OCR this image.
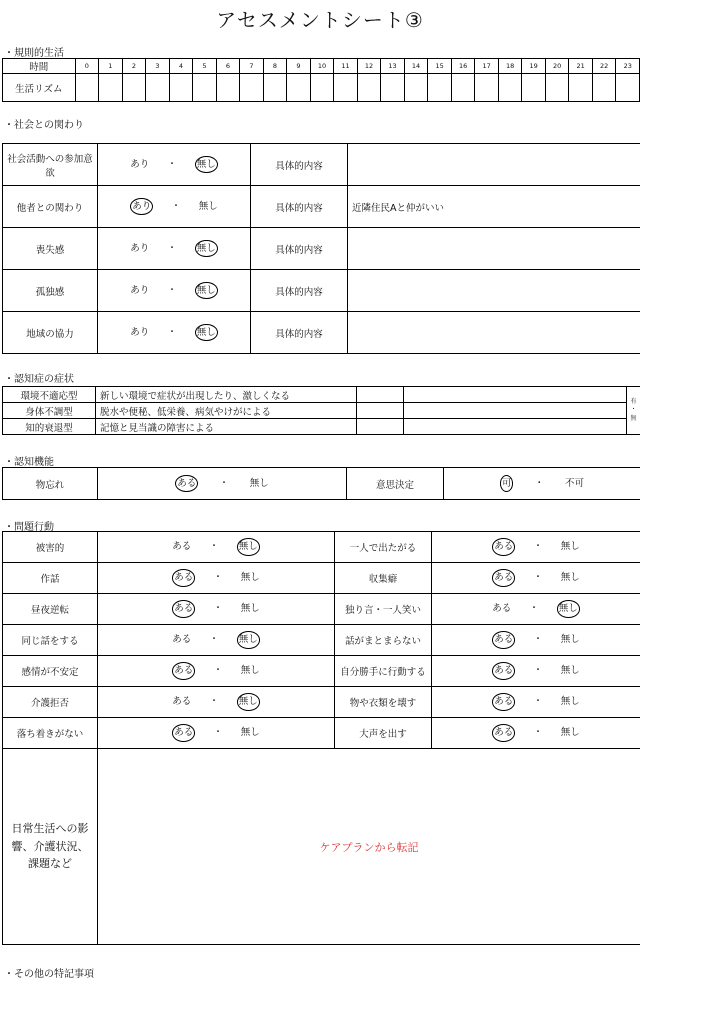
アセスメントシート③
・規則的生活
時間	0	1	2	3	4	5	6	7	8	9	10	11	12	13	14	15	16	17	18	19	20	21	22	23
生活リズム																								
・社会との関わり
社会活動への参加意欲	あり ・ 無し	具体的内容	
他者との関わり	あり ・ 無し	具体的内容	近隣住民Aと仲がいい
喪失感	あり ・ 無し	具体的内容	
孤独感	あり ・ 無し	具体的内容	
地域の協力	あり ・ 無し	具体的内容	
・認知症の症状
環境不適応型	新しい環境で症状が出現したり、激しくなる			有
・
無

身体不調型	脱水や便秘、低栄養、病気やけがによる			
知的衰退型	記憶と見当識の障害による			
・認知機能
物忘れ	ある ・ 無し	意思決定	可 ・ 不可
・問題行動
被害的	ある ・ 無し	一人で出たがる	ある ・ 無し
作話	ある ・ 無し	収集癖	ある ・ 無し
昼夜逆転	ある ・ 無し	独り言・一人笑い	ある ・ 無し
同じ話をする	ある ・ 無し	話がまとまらない	ある ・ 無し
感情が不安定	ある ・ 無し	自分勝手に行動する	ある ・ 無し
介護拒否	ある ・ 無し	物や衣類を壊す	ある ・ 無し
落ち着きがない	ある ・ 無し	大声を出す	ある ・ 無し
日常生活への影響、介護状況、課題など	ケアプランから転記		
・その他の特記事項
